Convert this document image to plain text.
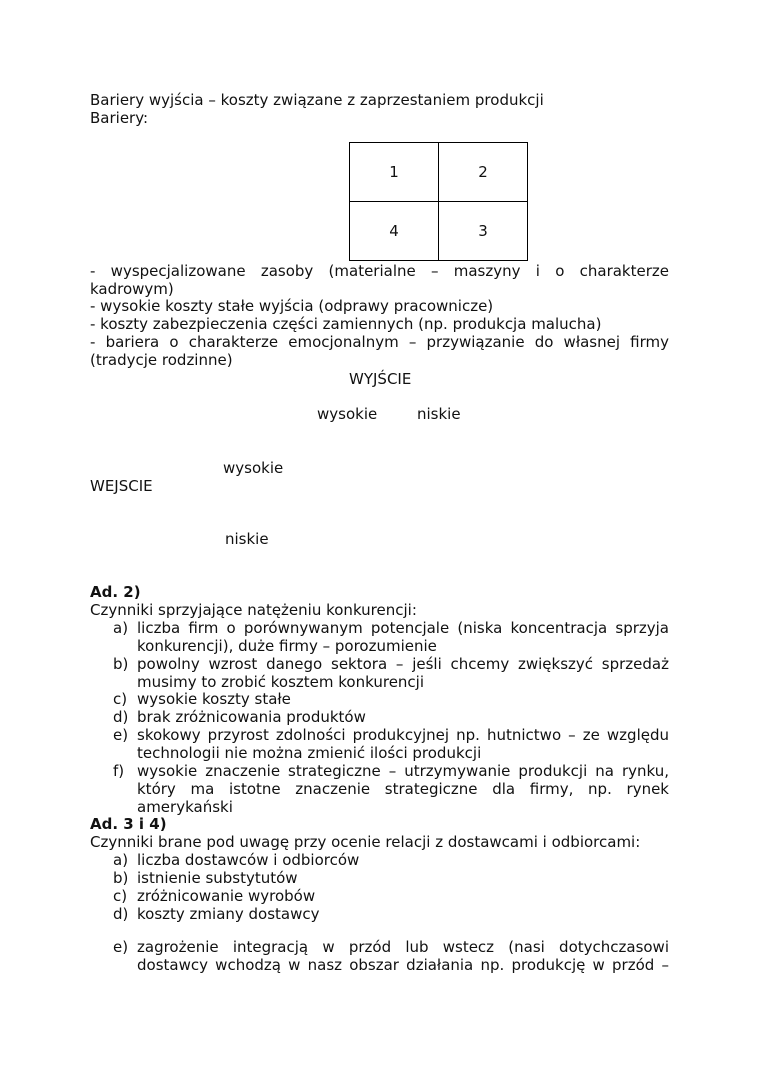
Bariery wyjścia – koszty związane z zaprzestaniem produkcji
Bariery:
1	2
4	3
- wyspecjalizowane zasoby (materialne – maszyny i o charakterze
kadrowym)
- wysokie koszty stałe wyjścia (odprawy pracownicze)
- koszty zabezpieczenia części zamiennych (np. produkcja malucha)
- bariera o charakterze emocjonalnym – przywiązanie do własnej firmy
(tradycje rodzinne)
WYJŚCIE
wysokie	niskie
wysokie
WEJSCIE
niskie
Ad. 2)
Czynniki sprzyjające natężeniu konkurencji:
a) liczba firm o porównywanym potencjale (niska koncentracja sprzyja
konkurencji), duże firmy – porozumienie
b) powolny wzrost danego sektora – jeśli chcemy zwiększyć sprzedaż
musimy to zrobić kosztem konkurencji
c) wysokie koszty stałe
d) brak zróżnicowania produktów
e) skokowy przyrost zdolności produkcyjnej np. hutnictwo – ze względu
technologii nie można zmienić ilości produkcji
f) wysokie znaczenie strategiczne – utrzymywanie produkcji na rynku,
który ma istotne znaczenie strategiczne dla firmy, np. rynek
amerykański
Ad. 3 i 4)
Czynniki brane pod uwagę przy ocenie relacji z dostawcami i odbiorcami:
a) liczba dostawców i odbiorców
b) istnienie substytutów
c) zróżnicowanie wyrobów
d) koszty zmiany dostawcy
e) zagrożenie integracją w przód lub wstecz (nasi dotychczasowi
dostawcy wchodzą w nasz obszar działania np. produkcję w przód –
